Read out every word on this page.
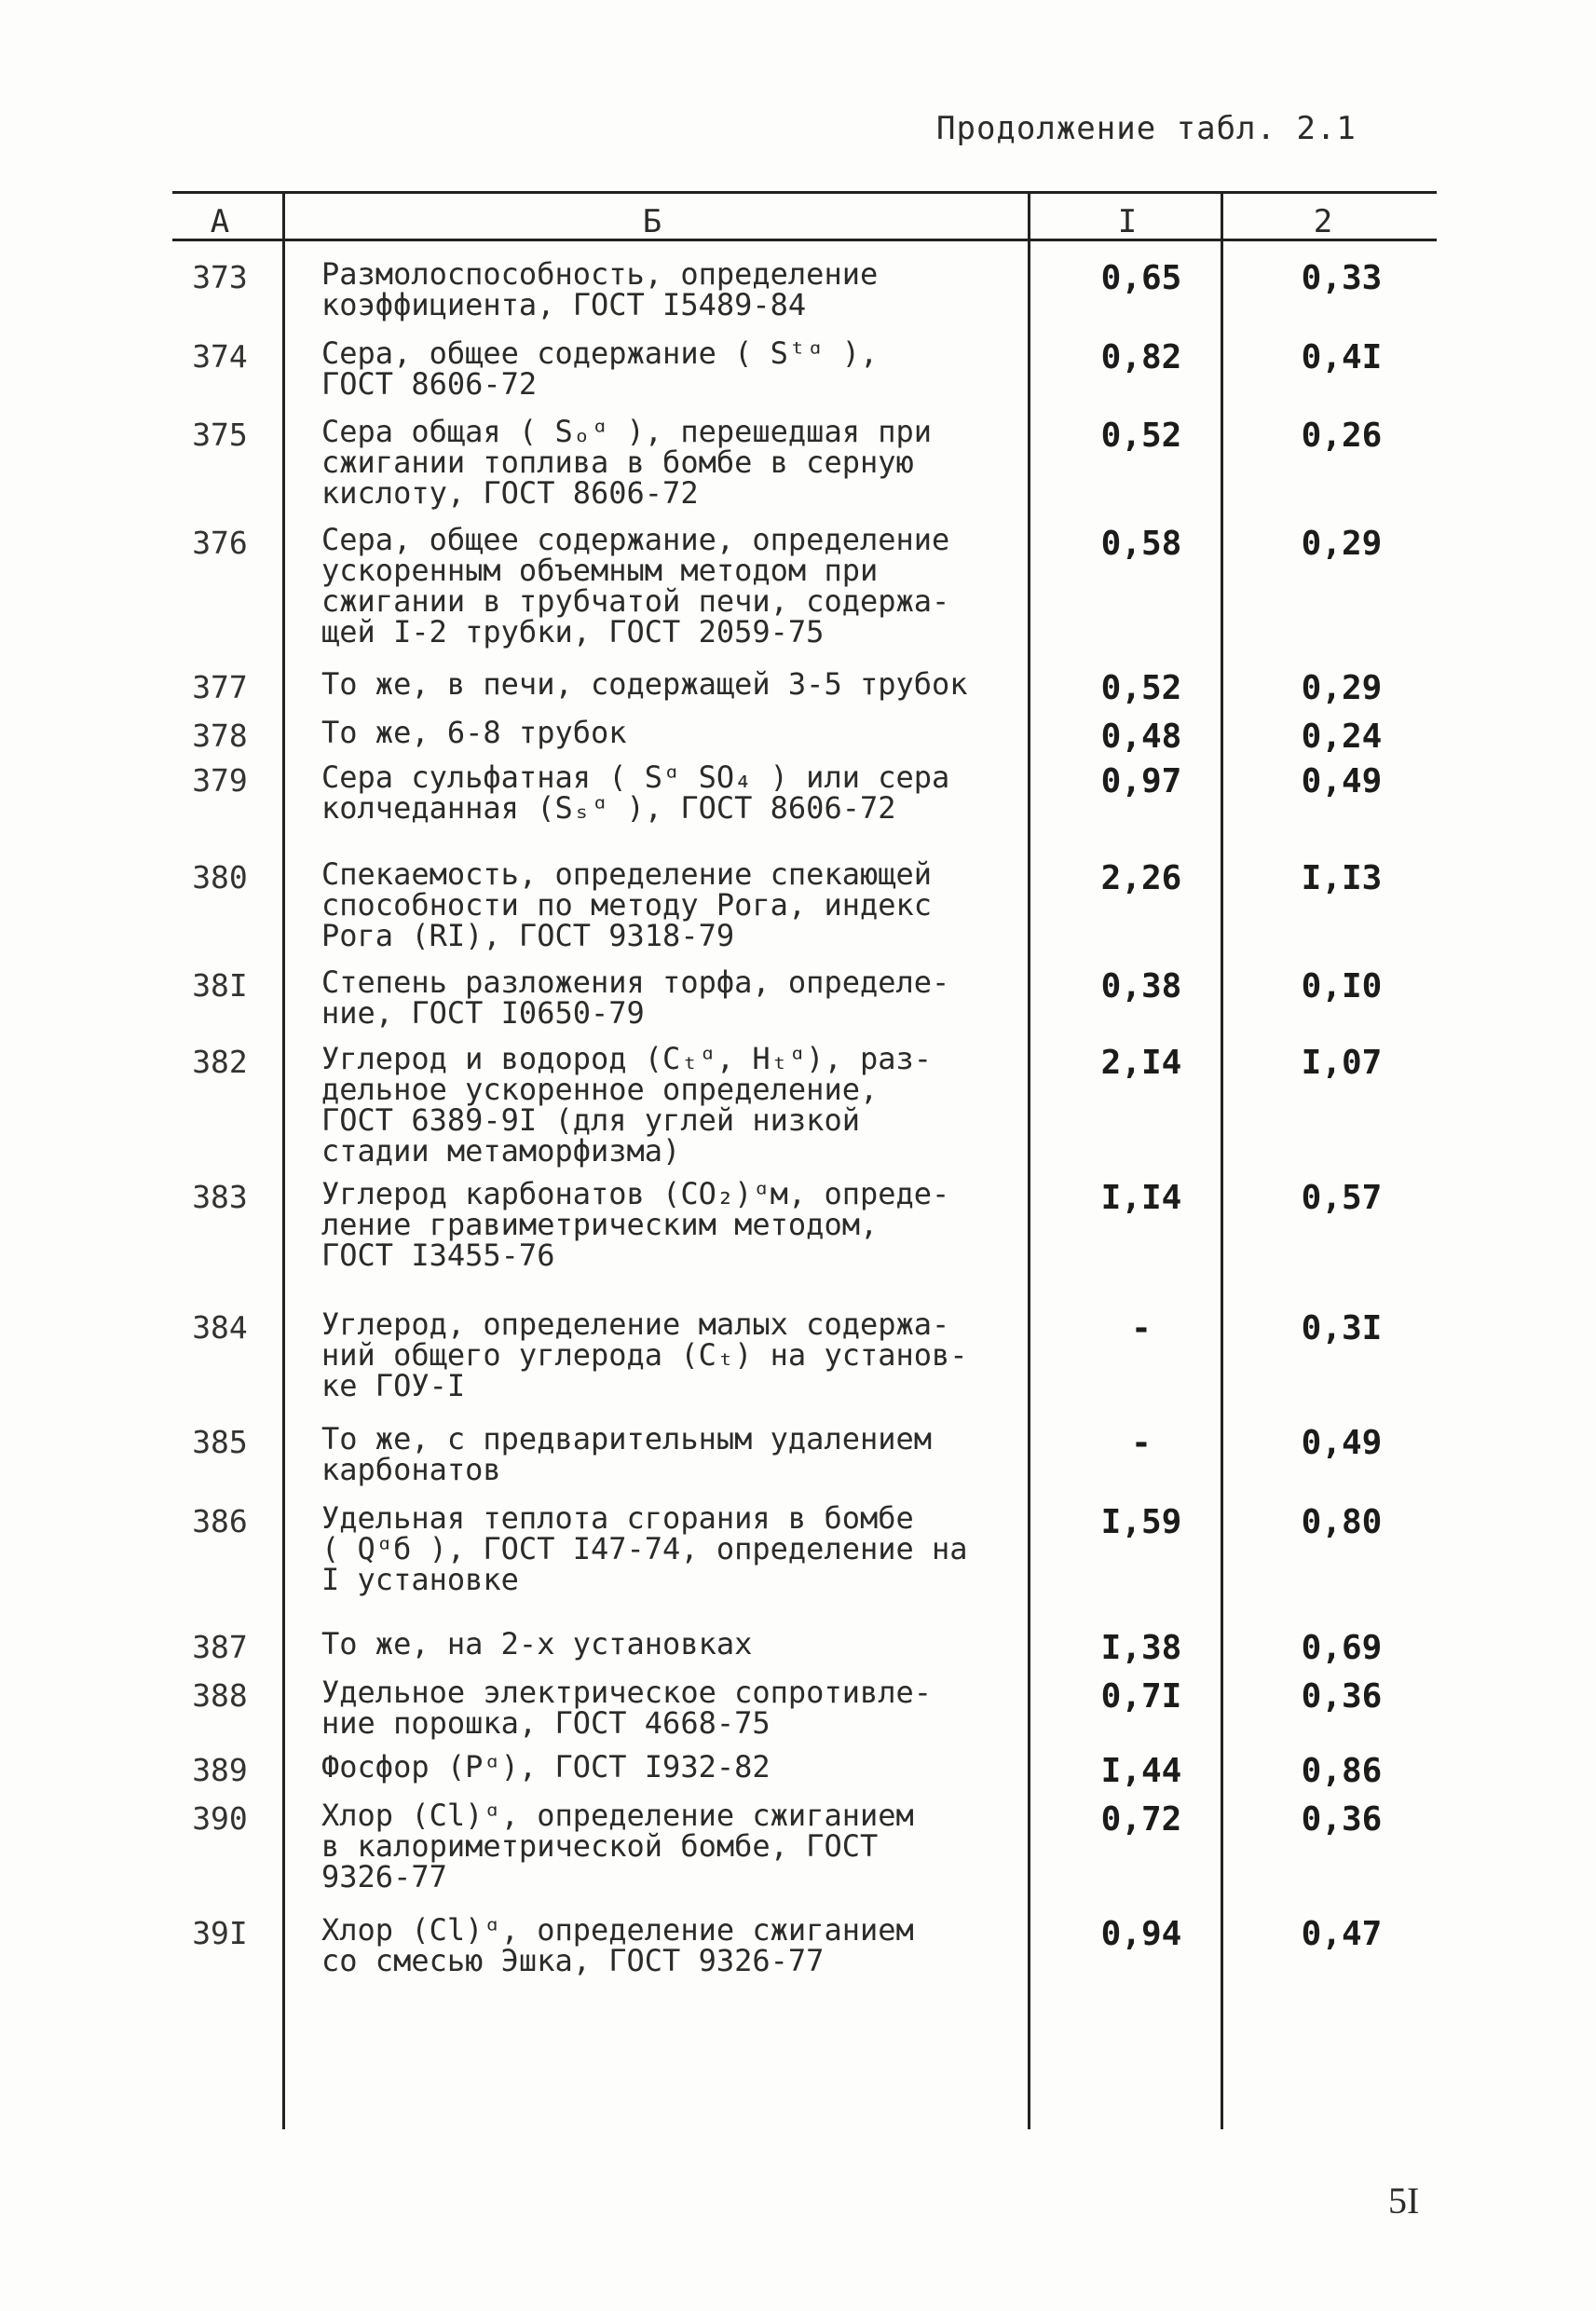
Продолжение табл. 2.1
А	Б	I	2
373	Размолоспособность, определение
коэффициента, ГОСТ I5489-84
0,65	0,33
374	Сера, общее содержание ( Sᵗᵅ ),
ГОСТ 8606-72
0,82	0,4I
375	Сера общая ( Sₒᵅ ), перешедшая при
сжигании топлива в бомбе в серную
кислоту, ГОСТ 8606-72
0,52	0,26
376	Сера, общее содержание, определение
ускоренным объемным методом при
сжигании в трубчатой печи, содержа-
щей I-2 трубки, ГОСТ 2059-75
0,58	0,29
377	То же, в печи, содержащей 3-5 трубок	0,52	0,29
378	То же, 6-8 трубок	0,48	0,24
379	Сера сульфатная ( Sᵅ SO₄ ) или сера
колчеданная (Sₛᵅ ), ГОСТ 8606-72
0,97	0,49
380	Спекаемость, определение спекающей
способности по методу Рога, индекс
Рога (RI), ГОСТ 9318-79
2,26	I,I3
38I	Степень разложения торфа, определе-
ние, ГОСТ I0650-79
0,38	0,I0
382	Углерод и водород (Cₜᵅ, Hₜᵅ), раз-
дельное ускоренное определение,
ГОСТ 6389-9I (для углей низкой
стадии метаморфизма)
2,I4	I,07
383	Углерод карбонатов (CO₂)ᵅм, опреде-
ление гравиметрическим методом,
ГОСТ I3455-76
I,I4	0,57
384	Углерод, определение малых содержа-
ний общего углерода (Cₜ) на установ-
ке ГОУ-I
-	0,3I
385	То же, с предварительным удалением
карбонатов
-	0,49
386	Удельная теплота сгорания в бомбе
( Qᵅб ), ГОСТ I47-74, определение на
I установке
I,59	0,80
387	То же, на 2-х установках	I,38	0,69
388	Удельное электрическое сопротивле-
ние порошка, ГОСТ 4668-75
0,7I	0,36
389	Фосфор (Pᵅ), ГОСТ I932-82	I,44	0,86
390	Хлор (Cl)ᵅ, определение сжиганием
в калориметрической бомбе, ГОСТ
9326-77
0,72	0,36
39I	Хлор (Cl)ᵅ, определение сжиганием
со смесью Эшка, ГОСТ 9326-77
0,94	0,47
5I
